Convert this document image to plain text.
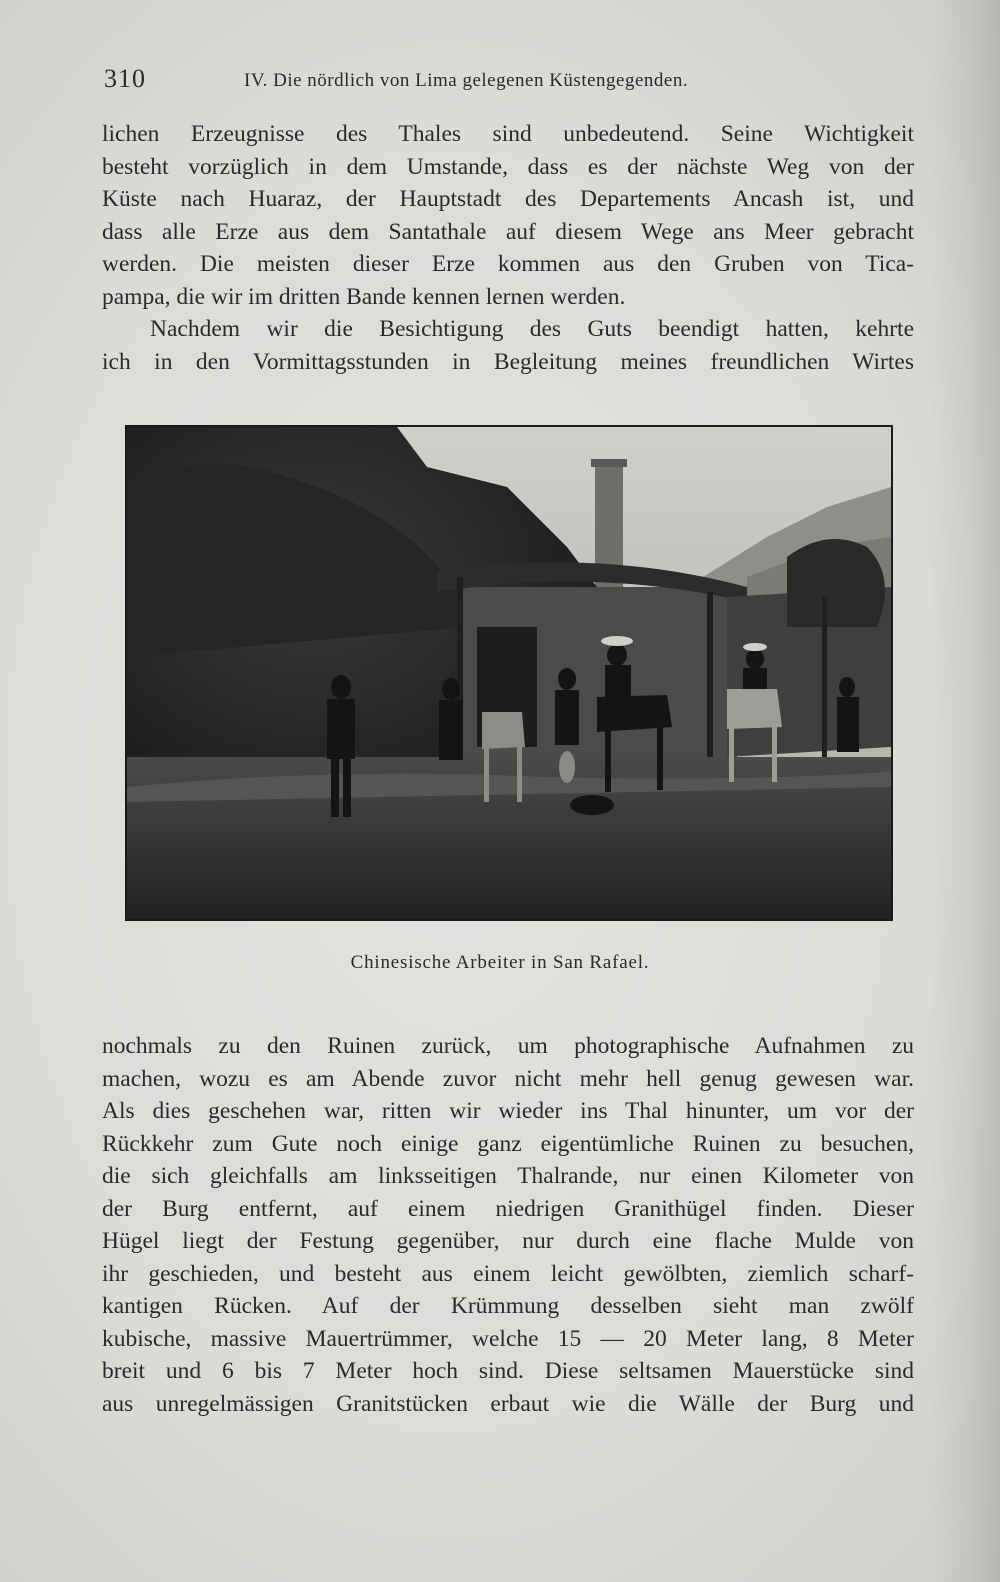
310	IV. Die nördlich von Lima gelegenen Küstengegenden.
lichen Erzeugnisse des Thales sind unbedeutend. Seine Wichtigkeit
besteht vorzüglich in dem Umstande, dass es der nächste Weg von der
Küste nach Huaraz, der Hauptstadt des Departements Ancash ist, und
dass alle Erze aus dem Santathale auf diesem Wege ans Meer gebracht
werden. Die meisten dieser Erze kommen aus den Gruben von Tica-
pampa, die wir im dritten Bande kennen lernen werden.
Nachdem wir die Besichtigung des Guts beendigt hatten, kehrte
ich in den Vormittagsstunden in Begleitung meines freundlichen Wirtes
Chinesische Arbeiter in San Rafael.
nochmals zu den Ruinen zurück, um photographische Aufnahmen zu
machen, wozu es am Abende zuvor nicht mehr hell genug gewesen war.
Als dies geschehen war, ritten wir wieder ins Thal hinunter, um vor der
Rückkehr zum Gute noch einige ganz eigentümliche Ruinen zu besuchen,
die sich gleichfalls am linksseitigen Thalrande, nur einen Kilometer von
der Burg entfernt, auf einem niedrigen Granithügel finden. Dieser
Hügel liegt der Festung gegenüber, nur durch eine flache Mulde von
ihr geschieden, und besteht aus einem leicht gewölbten, ziemlich scharf-
kantigen Rücken. Auf der Krümmung desselben sieht man zwölf
kubische, massive Mauertrümmer, welche 15 — 20 Meter lang, 8 Meter
breit und 6 bis 7 Meter hoch sind. Diese seltsamen Mauerstücke sind
aus unregelmässigen Granitstücken erbaut wie die Wälle der Burg und
